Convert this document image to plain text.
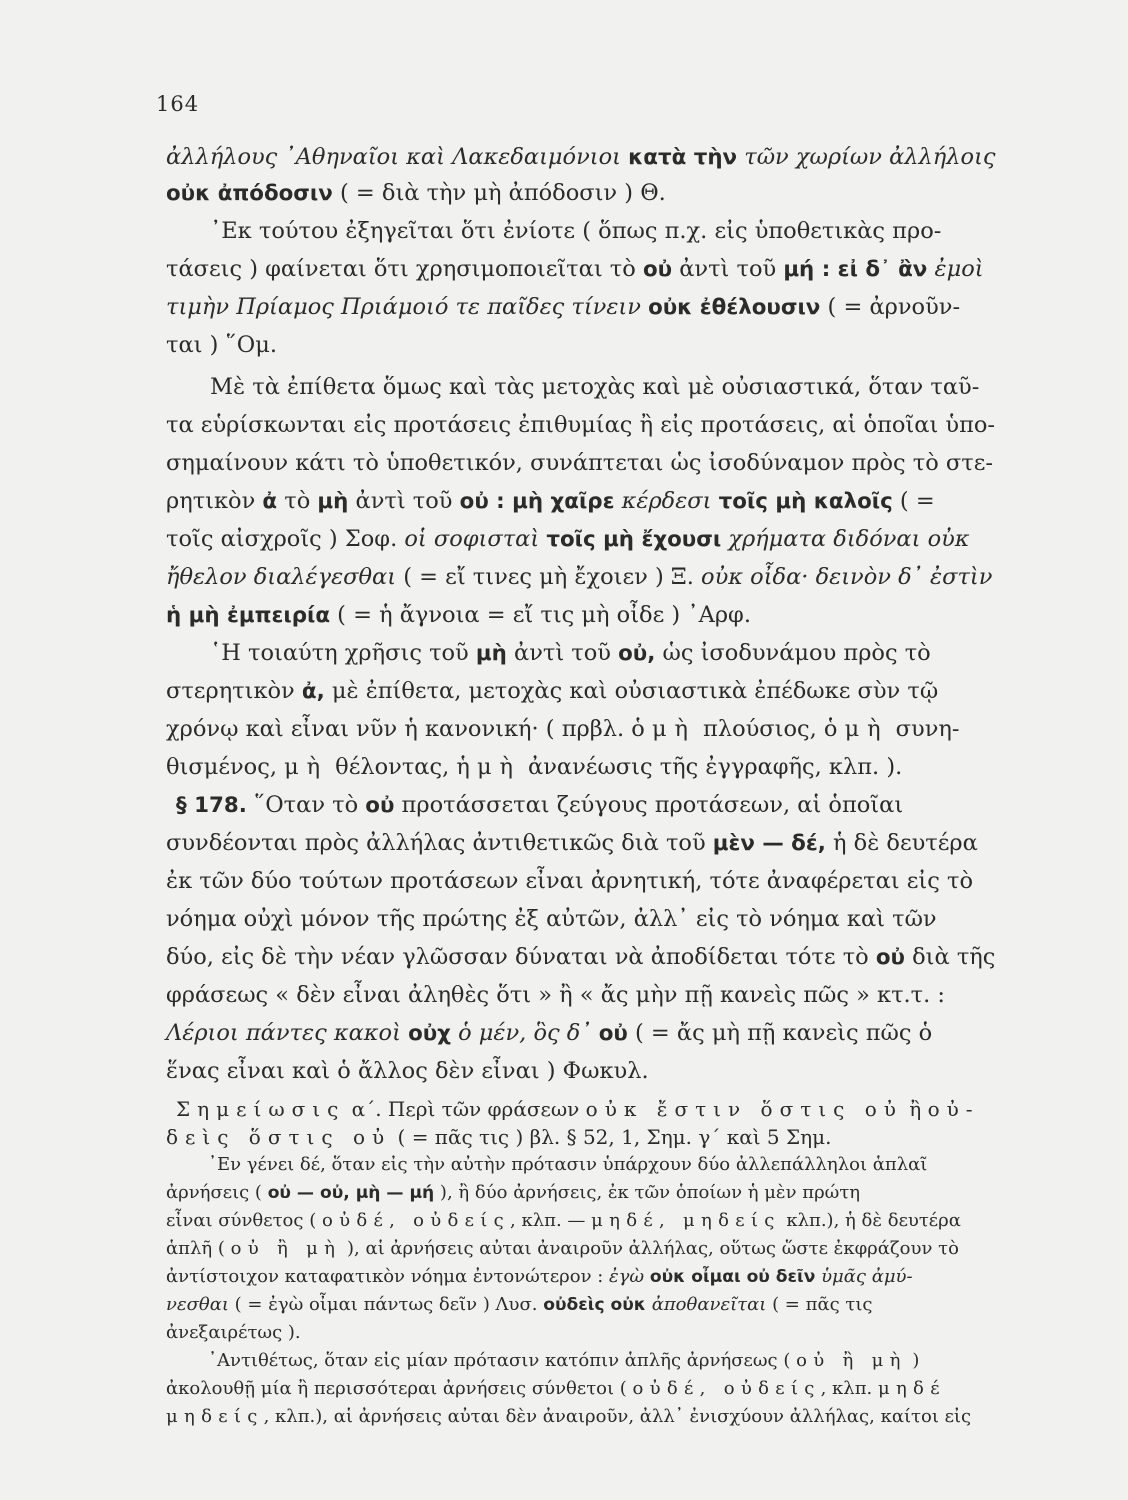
164
ἀλλήλους ᾿Αθηναῖοι καὶ Λακεδαιμόνιοι κατὰ τὴν τῶν χωρίων ἀλλήλοις
οὐκ ἀπόδοσιν ( = διὰ τὴν μὴ ἀπόδοσιν ) Θ.
᾿Εκ τούτου ἐξηγεῖται ὅτι ἐνίοτε ( ὅπως π.χ. εἰς ὑποθετικὰς προ-
τάσεις ) φαίνεται ὅτι χρησιμοποιεῖται τὸ οὐ ἀντὶ τοῦ μή : εἰ δ᾿ ἂν ἐμοὶ
τιμὴν Πρίαμος Πριάμοιό τε παῖδες τίνειν οὐκ ἐθέλουσιν ( = ἀρνοῦν-
ται ) ῞Ομ.
Μὲ τὰ ἐπίθετα ὅμως καὶ τὰς μετοχὰς καὶ μὲ οὐσιαστικά, ὅταν ταῦ-
τα εὑρίσκωνται εἰς προτάσεις ἐπιθυμίας ἢ εἰς προτάσεις, αἱ ὁποῖαι ὑπο-
σημαίνουν κάτι τὸ ὑποθετικόν, συνάπτεται ὡς ἰσοδύναμον πρὸς τὸ στε-
ρητικὸν ἀ τὸ μὴ ἀντὶ τοῦ οὐ : μὴ χαῖρε κέρδεσι τοῖς μὴ καλοῖς ( =
τοῖς αἰσχροῖς ) Σοφ. οἱ σοφισταὶ τοῖς μὴ ἔχουσι χρήματα διδόναι οὐκ
ἤθελον διαλέγεσθαι ( = εἴ τινες μὴ ἔχοιεν ) Ξ. οὐκ οἶδα· δεινὸν δ᾿ ἐστὶν
ἡ μὴ ἐμπειρία ( = ἡ ἄγνοια = εἴ τις μὴ οἶδε ) ᾿Αρφ.
῾Η τοιαύτη χρῆσις τοῦ μὴ ἀντὶ τοῦ οὐ, ὡς ἰσοδυνάμου πρὸς τὸ
στερητικὸν ἀ, μὲ ἐπίθετα, μετοχὰς καὶ οὐσιαστικὰ ἐπέδωκε σὺν τῷ
χρόνῳ καὶ εἶναι νῦν ἡ κανονική· ( πρβλ. ὁ μὴ πλούσιος, ὁ μὴ συνη-
θισμένος, μὴ θέλοντας, ἡ μὴ ἀνανέωσις τῆς ἐγγραφῆς, κλπ. ).
§ 178. ῞Οταν τὸ οὐ προτάσσεται ζεύγους προτάσεων, αἱ ὁποῖαι
συνδέονται πρὸς ἀλλήλας ἀντιθετικῶς διὰ τοῦ μὲν — δέ, ἡ δὲ δευτέρα
ἐκ τῶν δύο τούτων προτάσεων εἶναι ἀρνητική, τότε ἀναφέρεται εἰς τὸ
νόημα οὐχὶ μόνον τῆς πρώτης ἐξ αὐτῶν, ἀλλ᾿ εἰς τὸ νόημα καὶ τῶν
δύο, εἰς δὲ τὴν νέαν γλῶσσαν δύναται νὰ ἀποδίδεται τότε τὸ οὐ διὰ τῆς
φράσεως « δὲν εἶναι ἀληθὲς ὅτι » ἢ « ἄς μὴν πῇ κανεὶς πῶς » κτ.τ. :
Λέριοι πάντες κακοὶ οὐχ ὁ μέν, ὃς δ᾿ οὐ ( = ἄς μὴ πῇ κανεὶς πῶς ὁ
ἕνας εἶναι καὶ ὁ ἄλλος δὲν εἶναι ) Φωκυλ.
Σημείωσις α΄. Περὶ τῶν φράσεων οὐκ ἔστιν ὅστις οὐ ἢ οὐ-
δεὶς ὅστις οὐ ( = πᾶς τις ) βλ. § 52, 1, Σημ. γ΄ καὶ 5 Σημ.
᾿Εν γένει δέ, ὅταν εἰς τὴν αὐτὴν πρότασιν ὑπάρχουν δύο ἀλλεπάλληλοι ἁπλαῖ
ἀρνήσεις ( οὐ — οὐ, μὴ — μή ), ἢ δύο ἀρνήσεις, ἐκ τῶν ὁποίων ἡ μὲν πρώτη
εἶναι σύνθετος ( οὐδέ, οὐδείς, κλπ. — μηδέ, μηδείς κλπ.), ἡ δὲ δευτέρα
ἁπλῆ ( οὐ ἢ μὴ ), αἱ ἀρνήσεις αὐται ἀναιροῦν ἀλλήλας, οὕτως ὥστε ἐκφράζουν τὸ
ἀντίστοιχον καταφατικὸν νόημα ἐντονώτερον : ἐγὼ οὐκ οἶμαι οὐ δεῖν ὑμᾶς ἀμύ-
νεσθαι ( = ἐγὼ οἶμαι πάντως δεῖν ) Λυσ. οὐδεὶς οὐκ ἀποθανεῖται ( = πᾶς τις
ἀνεξαιρέτως ).
᾿Αντιθέτως, ὅταν εἰς μίαν πρότασιν κατόπιν ἁπλῆς ἀρνήσεως ( οὐ ἢ μὴ )
ἀκολουθῇ μία ἢ περισσότεραι ἀρνήσεις σύνθετοι ( οὐδέ, οὐδείς, κλπ. μηδέ
μηδείς, κλπ.), αἱ ἀρνήσεις αὐται δὲν ἀναιροῦν, ἀλλ᾿ ἐνισχύουν ἀλλήλας, καίτοι εἰς
